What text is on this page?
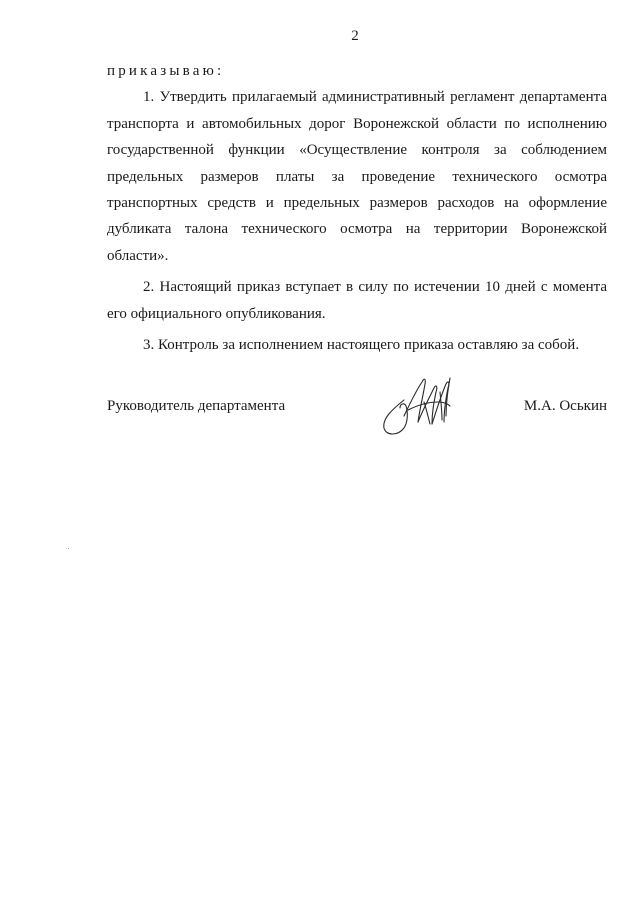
2

приказываю:

1. Утвердить прилагаемый административный регламент департамента транспорта и автомобильных дорог Воронежской области по исполнению государственной функции «Осуществление контроля за соблюдением предельных размеров платы за проведение технического осмотра транспортных средств и предельных размеров расходов на оформление дубликата талона технического осмотра на территории Воронежской области».

2. Настоящий приказ вступает в силу по истечении 10 дней с момента его официального опубликования.

3. Контроль за исполнением настоящего приказа оставляю за собой.

Руководитель департамента	М.А. Оськин
